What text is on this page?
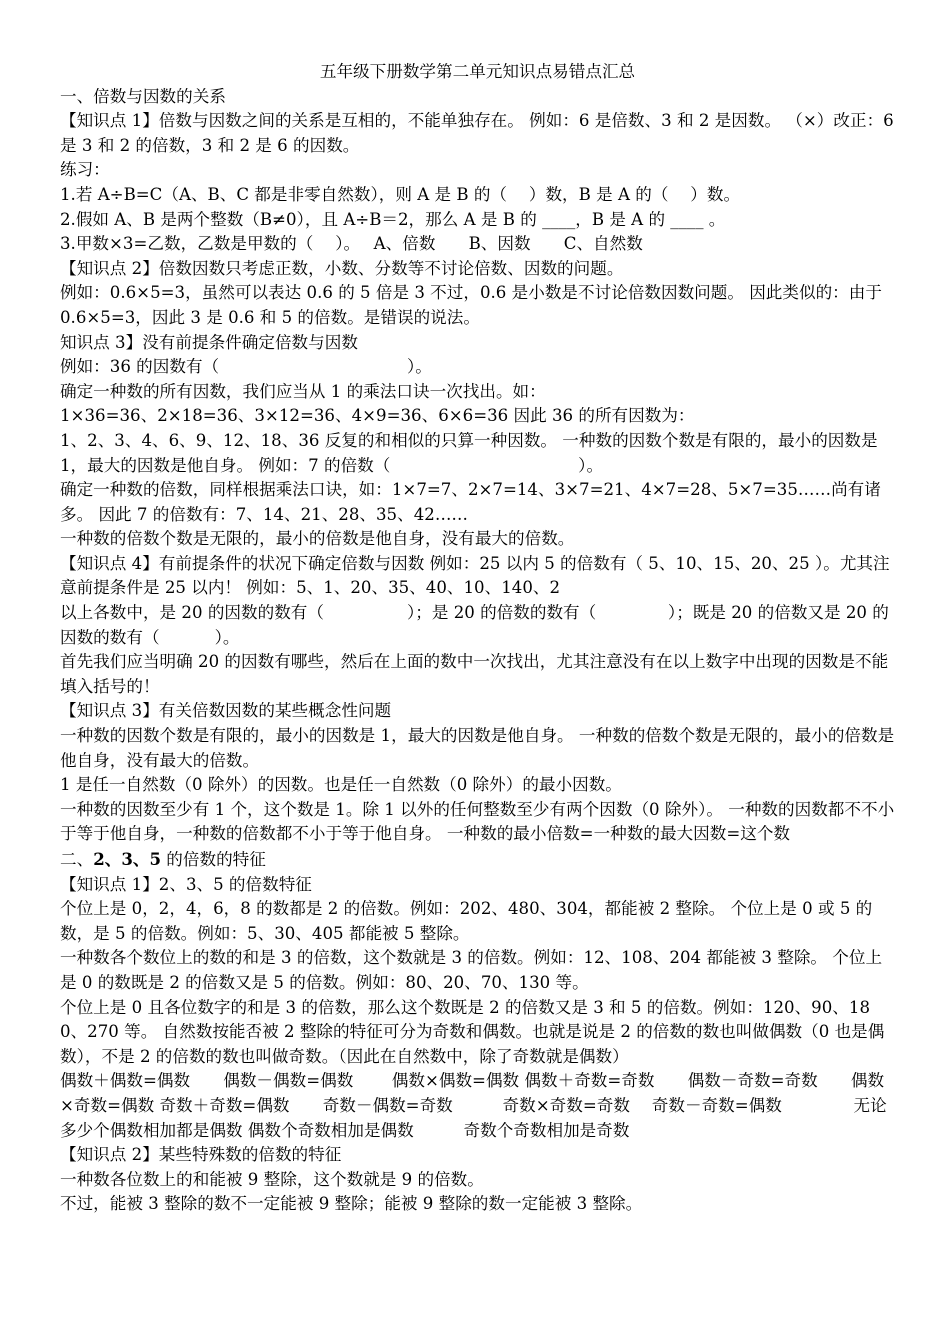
五年级下册数学第二单元知识点易错点汇总

一、倍数与因数的关系

【知识点 1】倍数与因数之间的关系是互相的，不能单独存在。 例如：6 是倍数、3 和 2 是因数。 （×）改正：6 是 3 和 2 的倍数，3 和 2 是 6 的因数。

练习：

1.若 A÷B=C（A、B、C 都是非零自然数），则 A 是 B 的（　 ）数，B 是 A 的（　 ）数。

2.假如 A、B 是两个整数（B≠0），且 A÷B＝2，那么 A 是 B 的 ____，B 是 A 的 ____ 。

3.甲数×3=乙数，乙数是甲数的（　 ）。　 A、倍数　　B、因数　　C、自然数

【知识点 2】倍数因数只考虑正数，小数、分数等不讨论倍数、因数的问题。

例如：0.6×5=3，虽然可以表达 0.6 的 5 倍是 3 不过，0.6 是小数是不讨论倍数因数问题。 因此类似的：由于 0.6×5=3，因此 3 是 0.6 和 5 的倍数。是错误的说法。

知识点 3】没有前提条件确定倍数与因数

例如：36 的因数有（　　　　　　　　　　　 ）。

确定一种数的所有因数，我们应当从 1 的乘法口诀一次找出。如：

1×36=36、2×18=36、3×12=36、4×9=36、6×6=36 因此 36 的所有因数为：

1、2、3、4、6、9、12、18、36 反复的和相似的只算一种因数。 一种数的因数个数是有限的，最小的因数是 1，最大的因数是他自身。 例如：7 的倍数（　　　　　　　　　　　 ）。

确定一种数的倍数，同样根据乘法口诀，如：1×7=7、2×7=14、3×7=21、4×7=28、5×7=35……尚有诸多。 因此 7 的倍数有：7、14、21、28、35、42……

一种数的倍数个数是无限的，最小的倍数是他自身，没有最大的倍数。

【知识点 4】有前提条件的状况下确定倍数与因数 例如：25 以内 5 的倍数有（ 5、10、15、20、25 ）。尤其注意前提条件是 25 以内！ 例如：5、1、20、35、40、10、140、2

以上各数中，是 20 的因数的数有（　　　　　）；是 20 的倍数的数有（　　　　 ）；既是 20 的倍数又是 20 的因数的数有（　　　 ）。

首先我们应当明确 20 的因数有哪些，然后在上面的数中一次找出，尤其注意没有在以上数字中出现的因数是不能填入括号的！

【知识点 3】有关倍数因数的某些概念性问题

一种数的因数个数是有限的，最小的因数是 1，最大的因数是他自身。 一种数的倍数个数是无限的，最小的倍数是他自身，没有最大的倍数。

1 是任一自然数（0 除外）的因数。也是任一自然数（0 除外）的最小因数。

一种数的因数至少有 1 个，这个数是 1。除 1 以外的任何整数至少有两个因数（0 除外）。 一种数的因数都不不小于等于他自身，一种数的倍数都不小于等于他自身。 一种数的最小倍数=一种数的最大因数=这个数

二、2、3、5 的倍数的特征

【知识点 1】2、3、5 的倍数特征

个位上是 0，2，4，6，8 的数都是 2 的倍数。例如：202、480、304，都能被 2 整除。 个位上是 0 或 5 的数，是 5 的倍数。例如：5、30、405 都能被 5 整除。

一种数各个数位上的数的和是 3 的倍数，这个数就是 3 的倍数。例如：12、108、204 都能被 3 整除。 个位上是 0 的数既是 2 的倍数又是 5 的倍数。例如：80、20、70、130 等。

个位上是 0 且各位数字的和是 3 的倍数，那么这个数既是 2 的倍数又是 3 和 5 的倍数。例如：120、90、180、270 等。 自然数按能否被 2 整除的特征可分为奇数和偶数。也就是说是 2 的倍数的数也叫做偶数（0 也是偶数），不是 2 的倍数的数也叫做奇数。（因此在自然数中，除了奇数就是偶数）

偶数＋偶数=偶数　　偶数－偶数=偶数　　 偶数×偶数=偶数 偶数＋奇数=奇数　　偶数－奇数=奇数　　偶数×奇数=偶数 奇数＋奇数=偶数　　奇数－偶数=奇数　　　奇数×奇数=奇数　 奇数－奇数=偶数　　　　 无论多少个偶数相加都是偶数 偶数个奇数相加是偶数　　　奇数个奇数相加是奇数

【知识点 2】某些特殊数的倍数的特征

一种数各位数上的和能被 9 整除，这个数就是 9 的倍数。

不过，能被 3 整除的数不一定能被 9 整除；能被 9 整除的数一定能被 3 整除。
